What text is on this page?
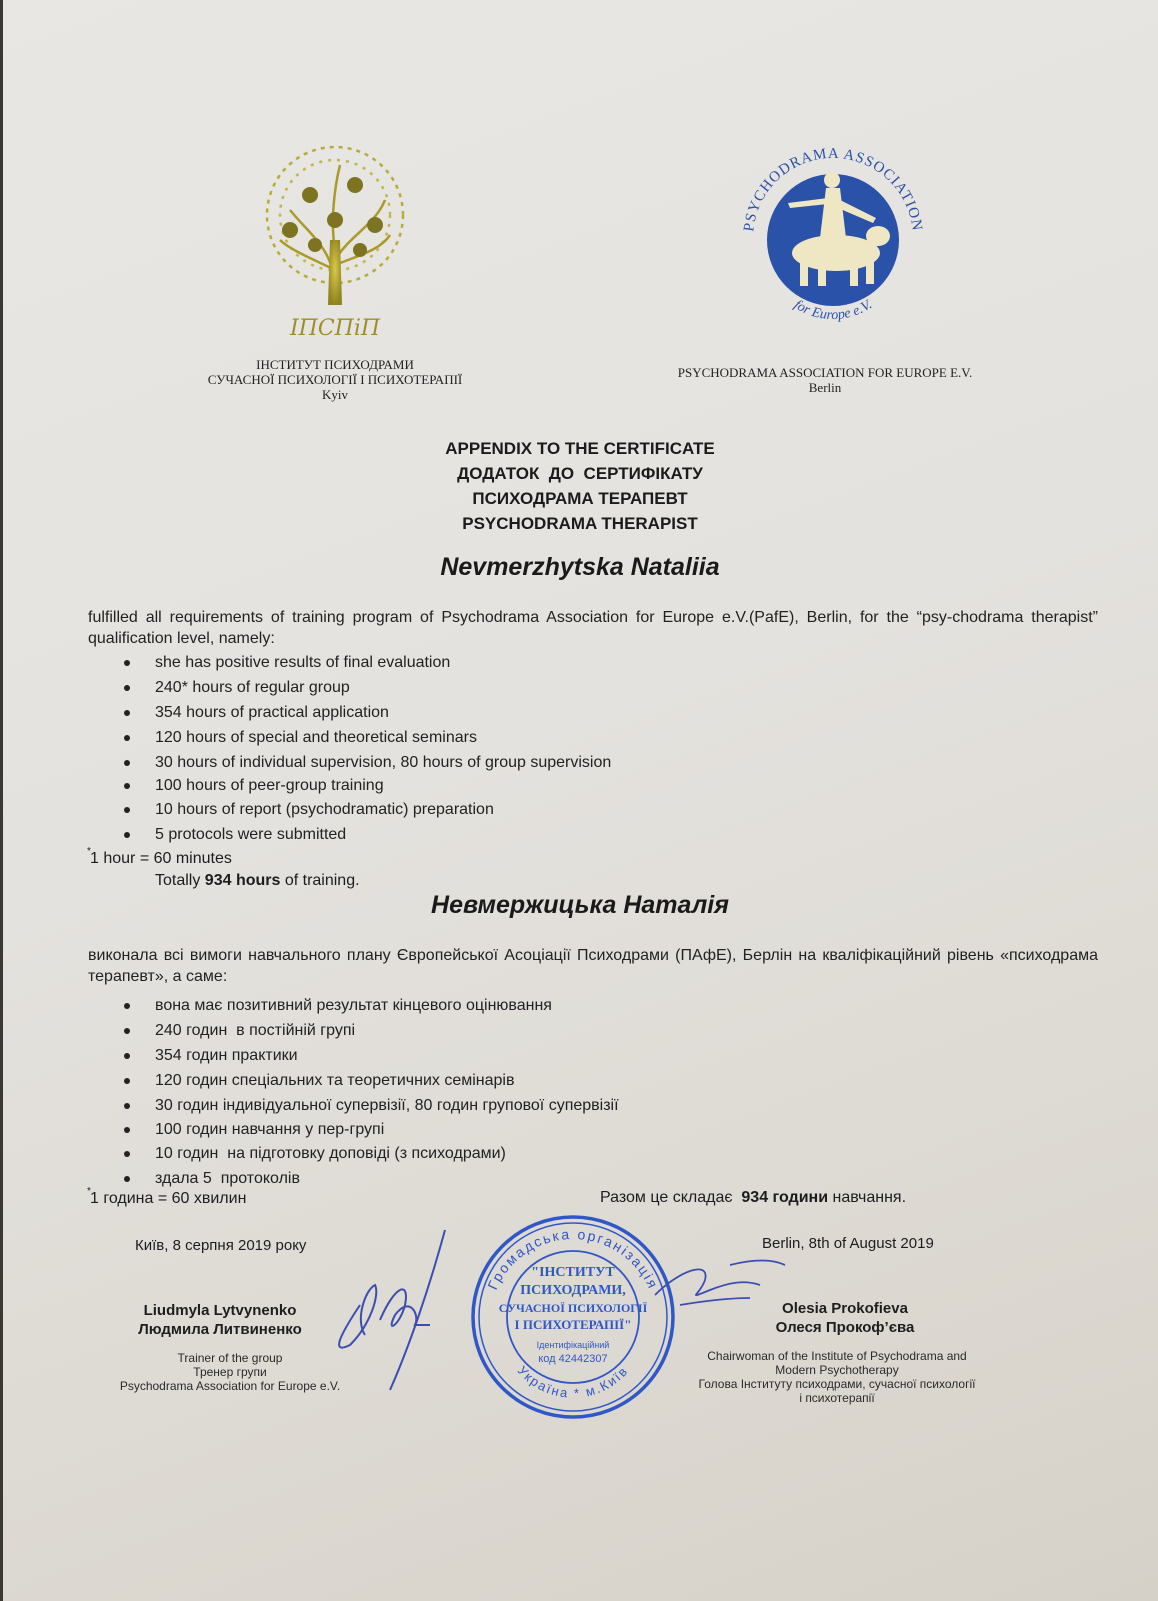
ІПСПіП
ІНСТИТУТ ПСИХОДРАМИ
СУЧАСНОЇ ПСИХОЛОГІЇ І ПСИХОТЕРАПІЇ
Kyiv
PSYCHODRAMA ASSOCIATION
for Europe e.V.
PSYCHODRAMA ASSOCIATION FOR EUROPE E.V.
Berlin
APPENDIX TO THE CERTIFICATE
ДОДАТОК  ДО  СЕРТИФІКАТУ
ПСИХОДРАМА ТЕРАПЕВТ
PSYCHODRAMA THERAPIST
Nevmerzhytska Nataliia
fulfilled all requirements of training program of Psychodrama Association for Europe e.V.(PafE), Berlin, for the “psy-chodrama therapist” qualification level, namely:
she has positive results of final evaluation
240* hours of regular group
354 hours of practical application
120 hours of special and theoretical seminars
30 hours of individual supervision, 80 hours of group supervision
100 hours of peer-group training
10 hours of report (psychodramatic) preparation
5 protocols were submitted
* 1 hour = 60 minutes
Totally 934 hours of training.
Невмержицька Наталія
виконала всі вимоги навчального плану Європейської Асоціації Психодрами (ПАфЕ), Берлін на кваліфікаційний рівень «психодрама терапевт», а саме:
вона має позитивний результат кінцевого оцінювання
240 годин  в постійній групі
354 годин практики
120 годин спеціальних та теоретичних семінарів
30 годин індивідуальної супервізії, 80 годин групової супервізії
100 годин навчання у пер-групі
10 годин  на підготовку доповіді (з психодрами)
здала 5  протоколів
* 1 година = 60 хвилин	Разом це складає  934 години навчання.
Київ, 8 серпня 2019 року	Berlin, 8th of August 2019
Громадська організація
Україна * м.Київ
"ІНСТИТУТ
ПСИХОДРАМИ,
СУЧАСНОЇ ПСИХОЛОГІЇ
І ПСИХОТЕРАПІЇ"
Ідентифікаційний
код 42442307
Liudmyla Lytvynenko
Людмила Литвиненко
Trainer of the group
Тренер групи
Psychodrama Association for Europe e.V.
Olesia Prokofieva
Олеся Прокоф’єва
Chairwoman of the Institute of Psychodrama and
Modern Psychotherapy
Голова Інституту психодрами, сучасної психології
і психотерапії
